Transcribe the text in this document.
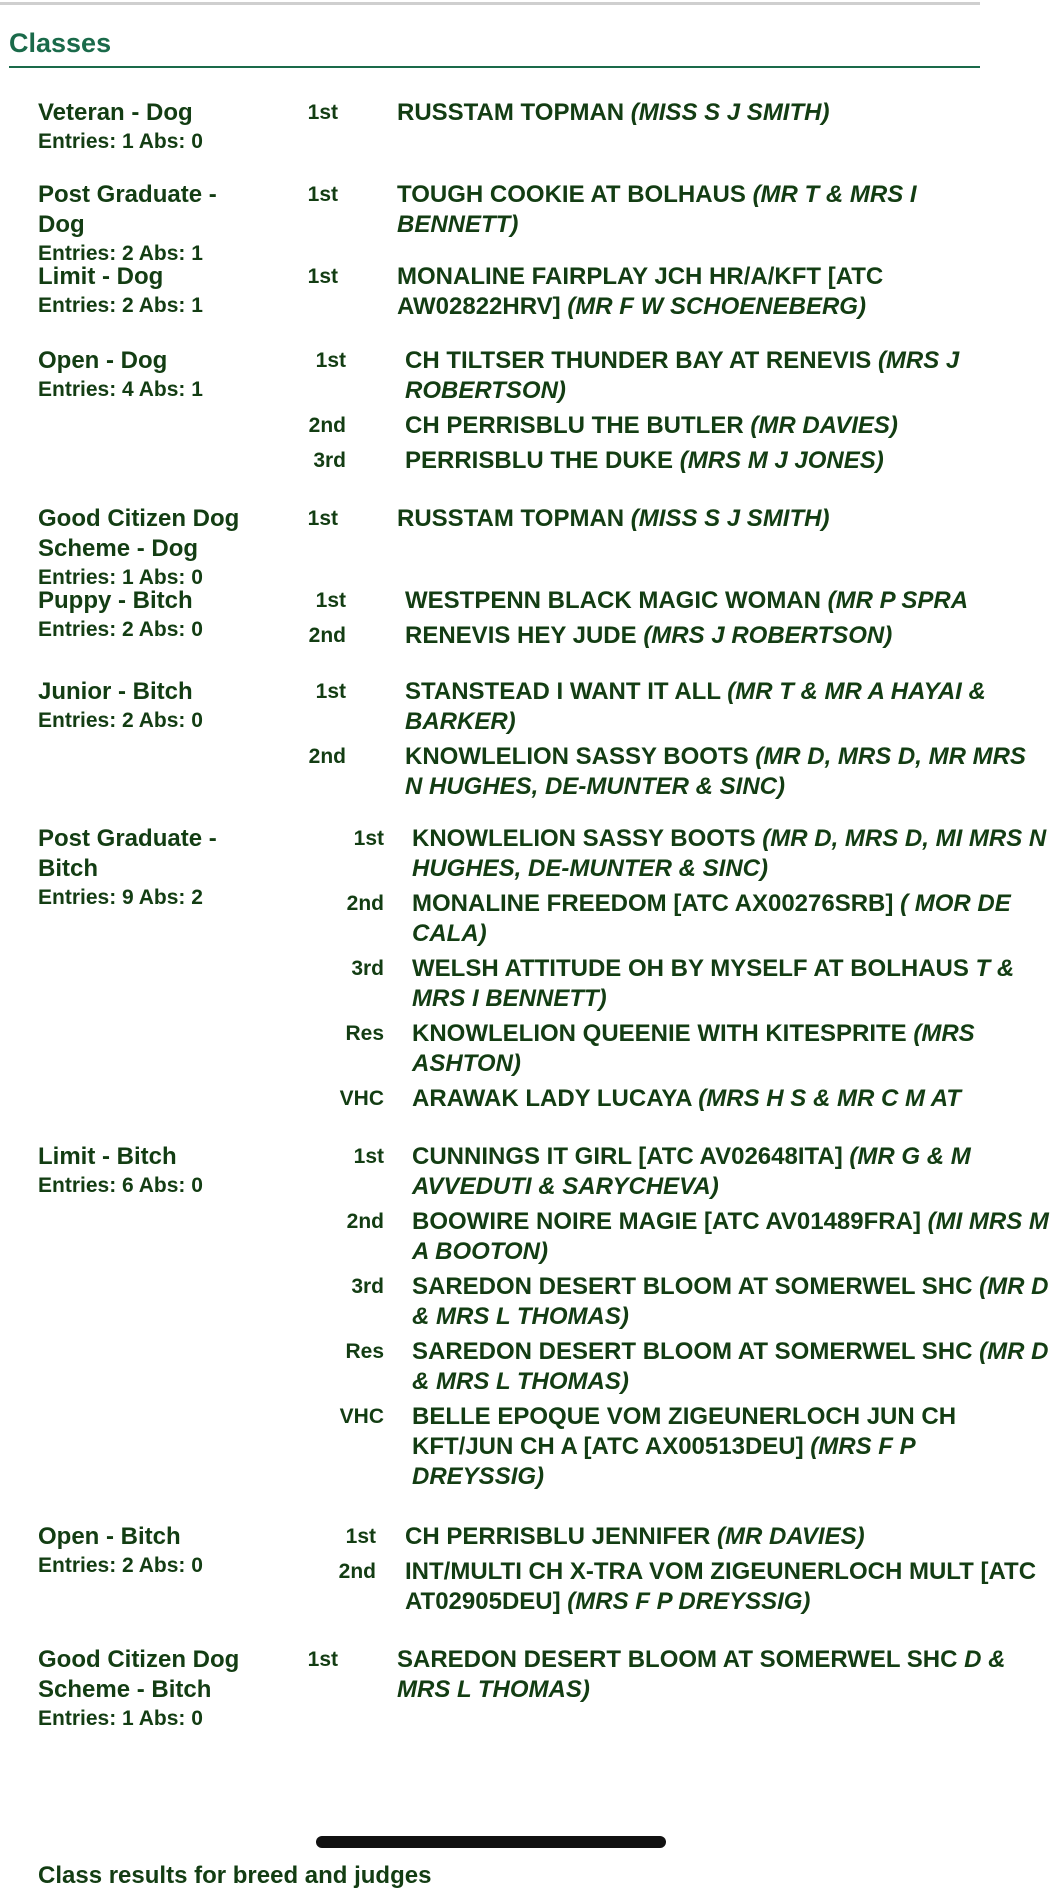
Classes
Veteran - Dog
Entries: 1 Abs: 0
1st RUSSTAM TOPMAN (MISS S J SMITH)
Post Graduate - Dog
Entries: 2 Abs: 1
1st TOUGH COOKIE AT BOLHAUS (MR T & MRS I BENNETT)
Limit - Dog
Entries: 2 Abs: 1
1st MONALINE FAIRPLAY JCH HR/A/KFT [ATC AW02822HRV] (MR F W SCHOENEBERG)
Open - Dog
Entries: 4 Abs: 1
1st CH TILTSER THUNDER BAY AT RENEVIS (MRS J ROBERTSON)
2nd CH PERRISBLU THE BUTLER (MR DAVIES)
3rd PERRISBLU THE DUKE (MRS M J JONES)
Good Citizen Dog Scheme - Dog
Entries: 1 Abs: 0
1st RUSSTAM TOPMAN (MISS S J SMITH)
Puppy - Bitch
Entries: 2 Abs: 0
1st WESTPENN BLACK MAGIC WOMAN (MR P SPRA
2nd RENEVIS HEY JUDE (MRS J ROBERTSON)
Junior - Bitch
Entries: 2 Abs: 0
1st STANSTEAD I WANT IT ALL (MR T & MR A HAYAI & BARKER)
2nd KNOWLELION SASSY BOOTS (MR D, MRS D, MR MRS N HUGHES, DE-MUNTER & SINC)
Post Graduate - Bitch
Entries: 9 Abs: 2
1st KNOWLELION SASSY BOOTS (MR D, MRS D, MI MRS N HUGHES, DE-MUNTER & SINC)
2nd MONALINE FREEDOM [ATC AX00276SRB] ( MOR DE CALA)
3rd WELSH ATTITUDE OH BY MYSELF AT BOLHAUS T & MRS I BENNETT)
Res KNOWLELION QUEENIE WITH KITESPRITE (MRS ASHTON)
VHC ARAWAK LADY LUCAYA (MRS H S & MR C M AT
Limit - Bitch
Entries: 6 Abs: 0
1st CUNNINGS IT GIRL [ATC AV02648ITA] (MR G & M AVVEDUTI & SARYCHEVA)
2nd BOOWIRE NOIRE MAGIE [ATC AV01489FRA] (MI MRS M A BOOTON)
3rd SAREDON DESERT BLOOM AT SOMERWEL SHC (MR D & MRS L THOMAS)
Res SAREDON DESERT BLOOM AT SOMERWEL SHC (MR D & MRS L THOMAS)
VHC BELLE EPOQUE VOM ZIGEUNERLOCH JUN CH KFT/JUN CH A [ATC AX00513DEU] (MRS F P DREYSSIG)
Open - Bitch
Entries: 2 Abs: 0
1st CH PERRISBLU JENNIFER (MR DAVIES)
2nd INT/MULTI CH X-TRA VOM ZIGEUNERLOCH MULT [ATC AT02905DEU] (MRS F P DREYSSIG)
Good Citizen Dog Scheme - Bitch
Entries: 1 Abs: 0
1st SAREDON DESERT BLOOM AT SOMERWEL SHC D & MRS L THOMAS)
Class results for breed and judges
